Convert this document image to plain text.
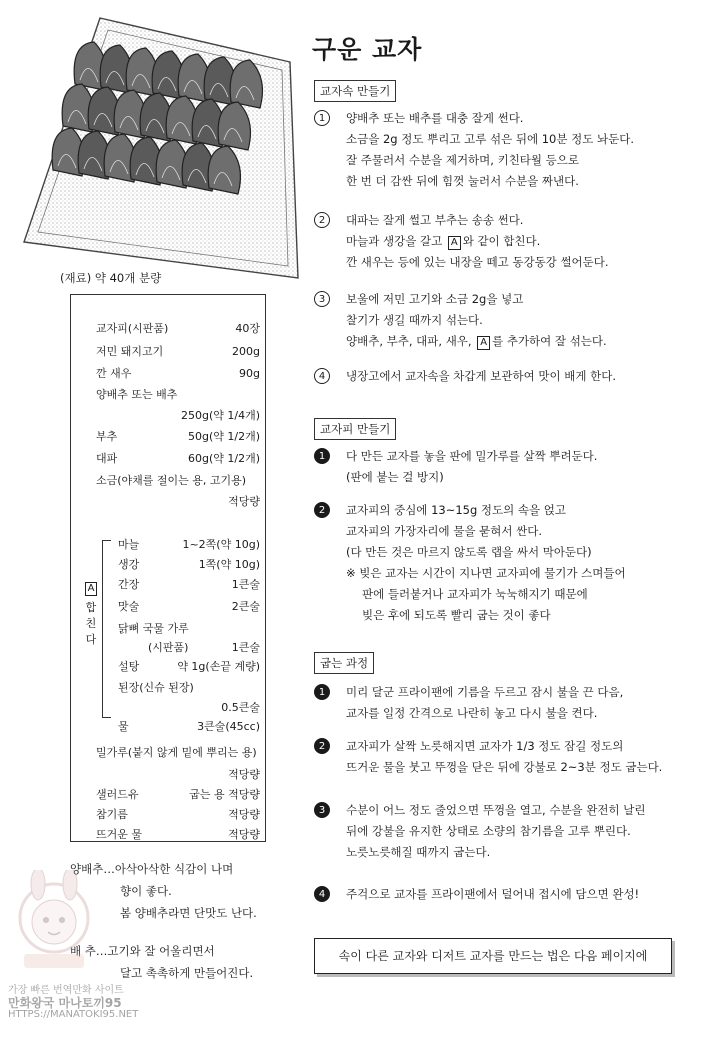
구운 교자
교자속 만들기
1	양배추 또는 배추를 대충 잘게 썬다.
소금을 2g 정도 뿌리고 고루 섞은 뒤에 10분 정도 놔둔다.
잘 주물러서 수분을 제거하며, 키친타월 등으로
한 번 더 감싼 뒤에 힘껏 눌러서 수분을 짜낸다.
2	대파는 잘게 썰고 부추는 송송 썬다.
마늘과 생강을 갈고 A 와 같이 합친다.
깐 새우는 등에 있는 내장을 떼고 동강동강 썰어둔다.
3	보울에 저민 고기와 소금 2g을 넣고
찰기가 생길 때까지 섞는다.
양배추, 부추, 대파, 새우, A 를 추가하여 잘 섞는다.
4	냉장고에서 교자속을 차갑게 보관하여 맛이 배게 한다.
교자피 만들기
1	다 만든 교자를 놓을 판에 밀가루를 살짝 뿌려둔다.
(판에 붙는 걸 방지)
2	교자피의 중심에 13~15g 정도의 속을 얹고
교자피의 가장자리에 물을 묻혀서 싼다.
(다 만든 것은 마르지 않도록 랩을 싸서 막아둔다)
※ 빚은 교자는 시간이 지나면 교자피에 물기가 스며들어
판에 들러붙거나 교자피가 눅눅해지기 때문에
빚은 후에 되도록 빨리 굽는 것이 좋다
굽는 과정
1	미리 달군 프라이팬에 기름을 두르고 잠시 불을 끈 다음,
교자를 일정 간격으로 나란히 놓고 다시 불을 켠다.
2	교자피가 살짝 노릇해지면 교자가 1/3 정도 잠길 정도의
뜨거운 물을 붓고 뚜껑을 닫은 뒤에 강불로 2~3분 정도 굽는다.
3	수분이 어느 정도 줄었으면 뚜껑을 열고, 수분을 완전히 날린
뒤에 강불을 유지한 상태로 소량의 참기름을 고루 뿌린다.
노릇노릇해질 때까지 굽는다.
4	주걱으로 교자를 프라이팬에서 덜어내 접시에 담으면 완성!
(재료) 약 40개 분량
교자피(시판품)	40장
저민 돼지고기	200g
깐 새우	90g
양배추 또는 배추
250g(약 1/4개)
부추	50g(약 1/2개)
대파	60g(약 1/2개)
소금(야채를 절이는 용, 고기용)
적당량
마늘	1~2쪽(약 10g)
생강	1쪽(약 10g)
간장	1큰술
맛술	2큰술
닭뼈 국물 가루
(시판품)	1큰술
설탕	약 1g(손끝 계량)
된장(신슈 된장)
0.5큰술
물	3큰술(45cc)
밀가루(붙지 않게 밑에 뿌리는 용)
적당량
샐러드유	굽는 용 적당량
참기름	적당량
뜨거운 물	적당량
A
합
친
다
양배추…아삭아삭한 식감이 나며
향이 좋다.
봄 양배추라면 단맛도 난다.
배 추…고기와 잘 어울리면서
달고 촉촉하게 만들어진다.
속이 다른 교자와 디저트 교자를 만드는 법은 다음 페이지에
가장 빠른 번역만화 사이트
만화왕국 마나토끼95
HTTPS://MANATOKI95.NET
